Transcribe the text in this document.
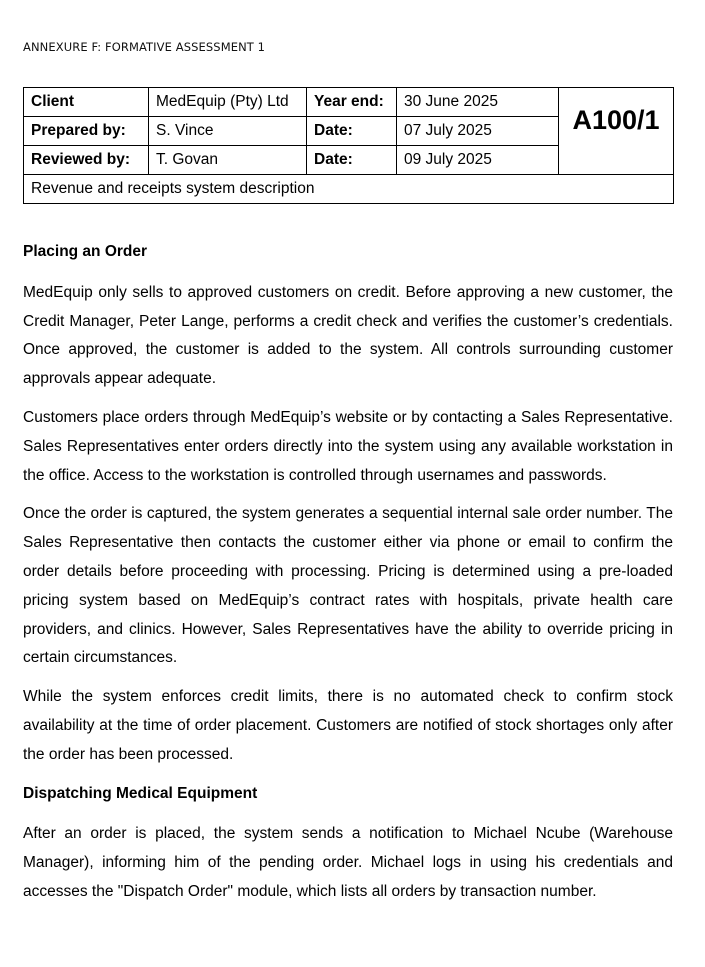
ANNEXURE F: FORMATIVE ASSESSMENT 1
Client	MedEquip (Pty) Ltd	Year end:	30 June 2025	A100/1
Prepared by:	S. Vince	Date:	07 July 2025	
Reviewed by:	T. Govan	Date:	09 July 2025	
Revenue and receipts system description				
Placing an Order

MedEquip only sells to approved customers on credit. Before approving a new customer, the Credit Manager, Peter Lange, performs a credit check and verifies the customer’s credentials. Once approved, the customer is added to the system. All controls surrounding customer approvals appear adequate.

Customers place orders through MedEquip’s website or by contacting a Sales Representative. Sales Representatives enter orders directly into the system using any available workstation in the office. Access to the workstation is controlled through usernames and passwords.

Once the order is captured, the system generates a sequential internal sale order number. The Sales Representative then contacts the customer either via phone or email to confirm the order details before proceeding with processing. Pricing is determined using a pre-loaded pricing system based on MedEquip’s contract rates with hospitals, private health care providers, and clinics. However, Sales Representatives have the ability to override pricing in certain circumstances.

While the system enforces credit limits, there is no automated check to confirm stock availability at the time of order placement. Customers are notified of stock shortages only after the order has been processed.

Dispatching Medical Equipment

After an order is placed, the system sends a notification to Michael Ncube (Warehouse Manager), informing him of the pending order. Michael logs in using his credentials and accesses the "Dispatch Order" module, which lists all orders by transaction number.
